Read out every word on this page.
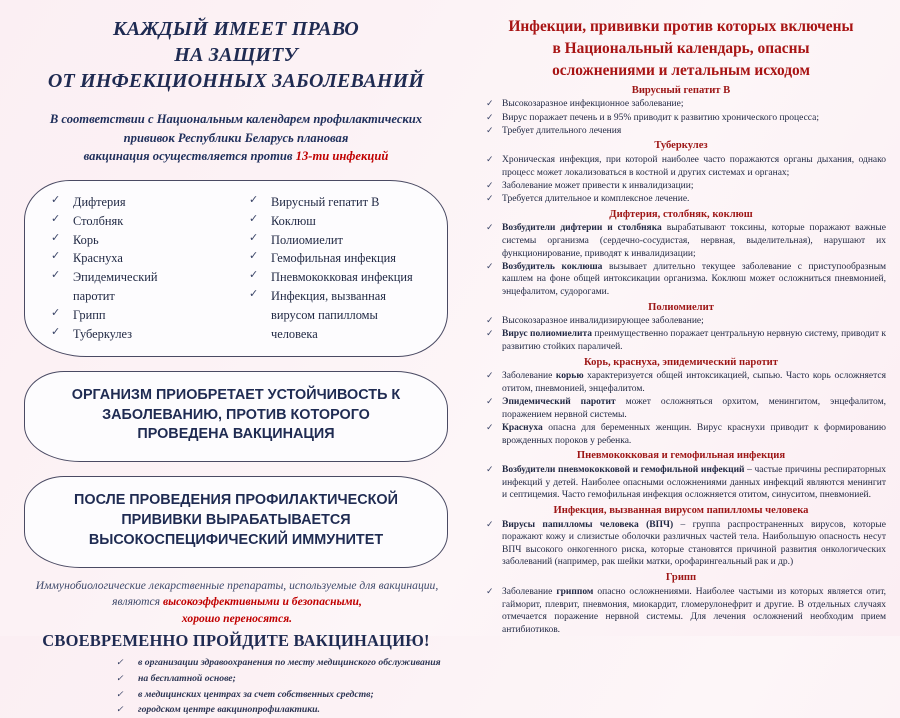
КАЖДЫЙ ИМЕЕТ ПРАВО
НА ЗАЩИТУ
ОТ ИНФЕКЦИОННЫХ ЗАБОЛЕВАНИЙ
В соответствии с Национальным календарем профилактических
прививок Республики Беларусь плановая
вакцинация осуществляется против 13-ти инфекций
✓ Дифтерия
✓ Столбняк
✓ Корь
✓ Краснуха
✓ Эпидемический
паротит
✓ Грипп
✓ Туберкулез
✓ Вирусный гепатит В
✓ Коклюш
✓ Полиомиелит
✓ Гемофильная инфекция
✓ Пневмококковая инфекция
✓ Инфекция, вызванная
вирусом папилломы
человека
ОРГАНИЗМ ПРИОБРЕТАЕТ УСТОЙЧИВОСТЬ К
ЗАБОЛЕВАНИЮ, ПРОТИВ КОТОРОГО
ПРОВЕДЕНА ВАКЦИНАЦИЯ
ПОСЛЕ ПРОВЕДЕНИЯ ПРОФИЛАКТИЧЕСКОЙ
ПРИВИВКИ ВЫРАБАТЫВАЕТСЯ
ВЫСОКОСПЕЦИФИЧЕСКИЙ ИММУНИТЕТ
Иммунобиологические лекарственные препараты, используемые для вакцинации, являются высокоэффективными и безопасными,
хорошо переносятся.
СВОЕВРЕМЕННО ПРОЙДИТЕ ВАКЦИНАЦИЮ!
✓ в организации здравоохранения по месту медицинского обслуживания
✓ на бесплатной основе;
✓ в медицинских центрах за счет собственных средств;
✓ городском центре вакцинопрофилактики.
Инфекции, прививки против которых включены
в Национальный календарь, опасны
осложнениями и летальным исходом
Вирусный гепатит В
✓ Высокозаразное инфекционное заболевание;
✓ Вирус поражает печень и в 95% приводит к развитию хронического процесса;
✓ Требует длительного лечения
Туберкулез
✓ Хроническая инфекция, при которой наиболее часто поражаются органы дыхания, однако процесс может локализоваться в костной и других системах и органах;
✓ Заболевание может привести к инвалидизации;
✓ Требуется длительное и комплексное лечение.
Дифтерия, столбняк, коклюш
✓ Возбудители дифтерии и столбняка вырабатывают токсины, которые поражают важные системы организма (сердечно-сосудистая, нервная, выделительная), нарушают их функционирование, приводят к инвалидизации;
✓ Возбудитель коклюша вызывает длительно текущее заболевание с приступообразным кашлем на фоне общей интоксикации организма. Коклюш может осложниться пневмонией, энцефалитом, судорогами.
Полиомиелит
✓ Высокозаразное инвалидизирующее заболевание;
✓ Вирус полиомиелита преимущественно поражает центральную нервную систему, приводит к развитию стойких параличей.
Корь, краснуха, эпидемический паротит
✓ Заболевание корью характеризуется общей интоксикацией, сыпью. Часто корь осложняется отитом, пневмонией, энцефалитом.
✓ Эпидемический паротит может осложняться орхитом, менингитом, энцефалитом, поражением нервной системы.
✓ Краснуха опасна для беременных женщин. Вирус краснухи приводит к формированию врожденных пороков у ребенка.
Пневмококковая и гемофильная инфекция
✓ Возбудители пневмококковой и гемофильной инфекций – частые причины респираторных инфекций у детей. Наиболее опасными осложнениями данных инфекций являются менингит и септицемия. Часто гемофильная инфекция осложняется отитом, синуситом, пневмонией.
Инфекция, вызванная вирусом папилломы человека
✓ Вирусы папилломы человека (ВПЧ) – группа распространенных вирусов, которые поражают кожу и слизистые оболочки различных частей тела. Наибольшую опасность несут ВПЧ высокого онкогенного риска, которые становятся причиной развития онкологических заболеваний (например, рак шейки матки, орофарингеальный рак и др.)
Грипп
✓ Заболевание гриппом опасно осложнениями. Наиболее частыми из которых является отит, гайморит, плеврит, пневмония, миокардит, гломерулонефрит и другие. В отдельных случаях отмечается поражение нервной системы. Для лечения осложнений необходим прием антибиотиков.
